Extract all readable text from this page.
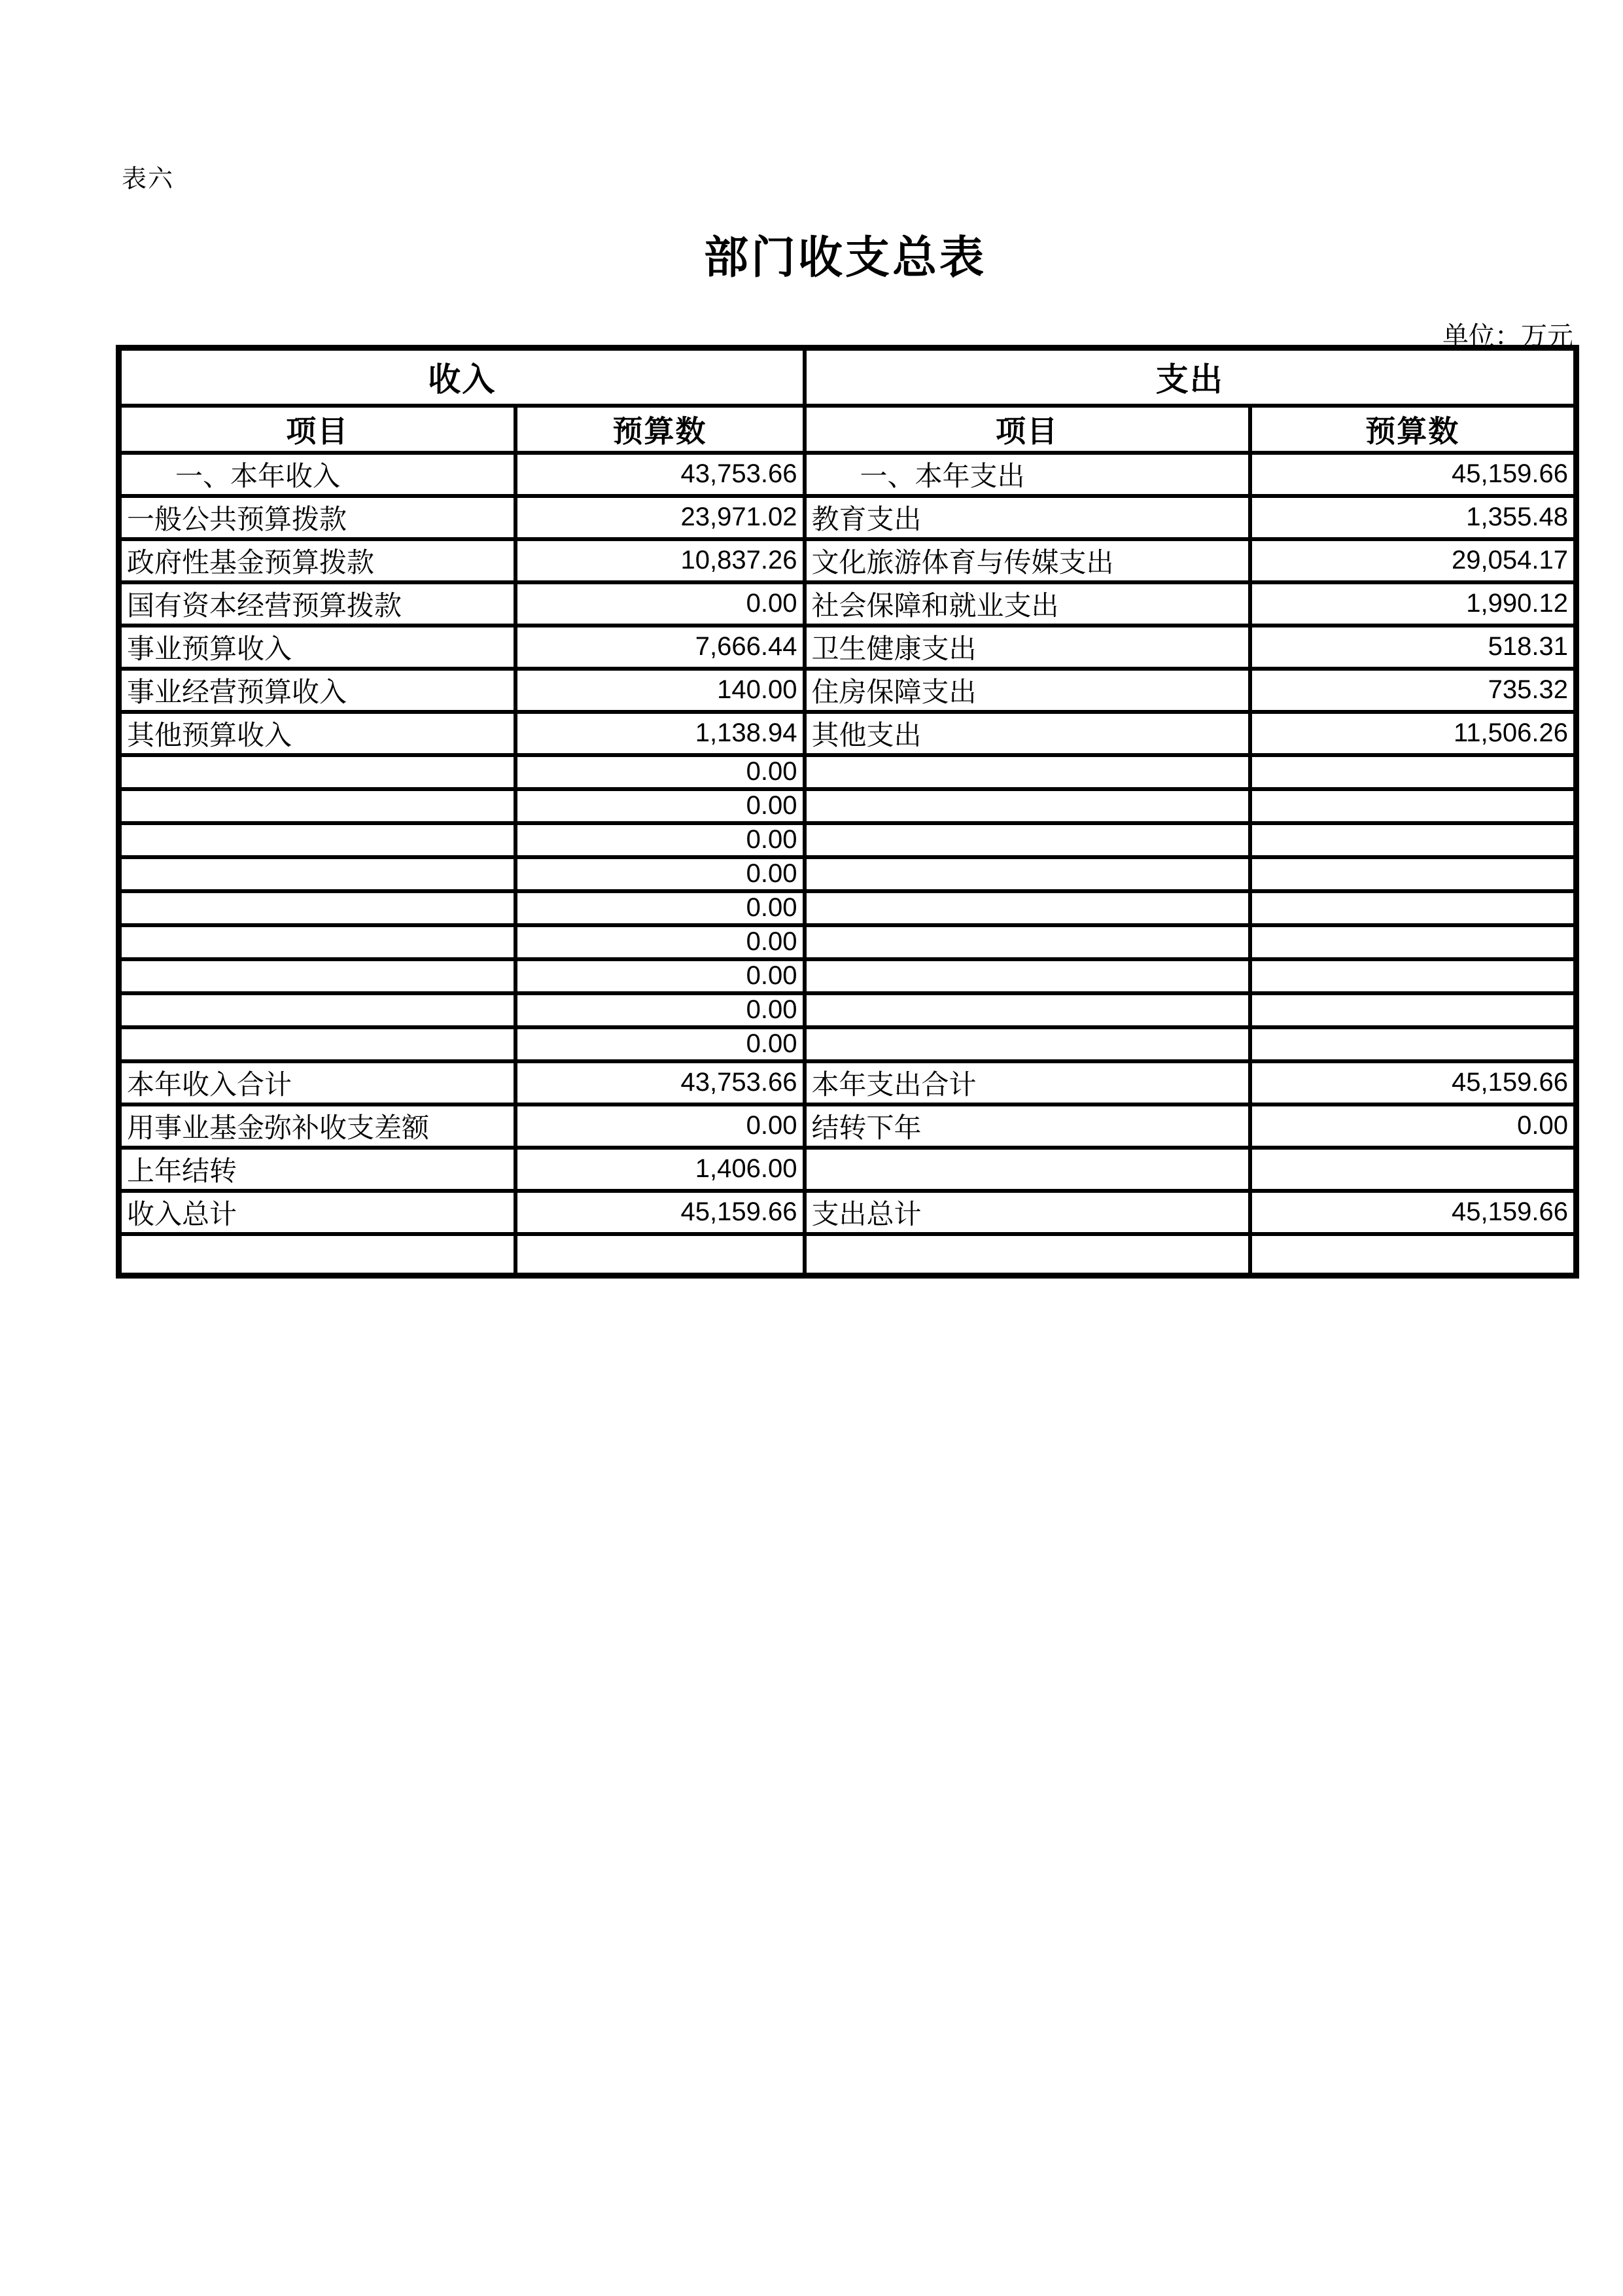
表六
部门收支总表
单位：万元
收入		支出	
项目	预算数	项目	预算数
一、本年收入	43,753.66	一、本年支出	45,159.66
一般公共预算拨款	23,971.02	教育支出	1,355.48
政府性基金预算拨款	10,837.26	文化旅游体育与传媒支出	29,054.17
国有资本经营预算拨款	0.00	社会保障和就业支出	1,990.12
事业预算收入	7,666.44	卫生健康支出	518.31
事业经营预算收入	140.00	住房保障支出	735.32
其他预算收入	1,138.94	其他支出	11,506.26
	0.00		
	0.00		
	0.00		
	0.00		
	0.00		
	0.00		
	0.00		
	0.00		
	0.00		
本年收入合计	43,753.66	本年支出合计	45,159.66
用事业基金弥补收支差额	0.00	结转下年	0.00
上年结转	1,406.00		
收入总计	45,159.66	支出总计	45,159.66
